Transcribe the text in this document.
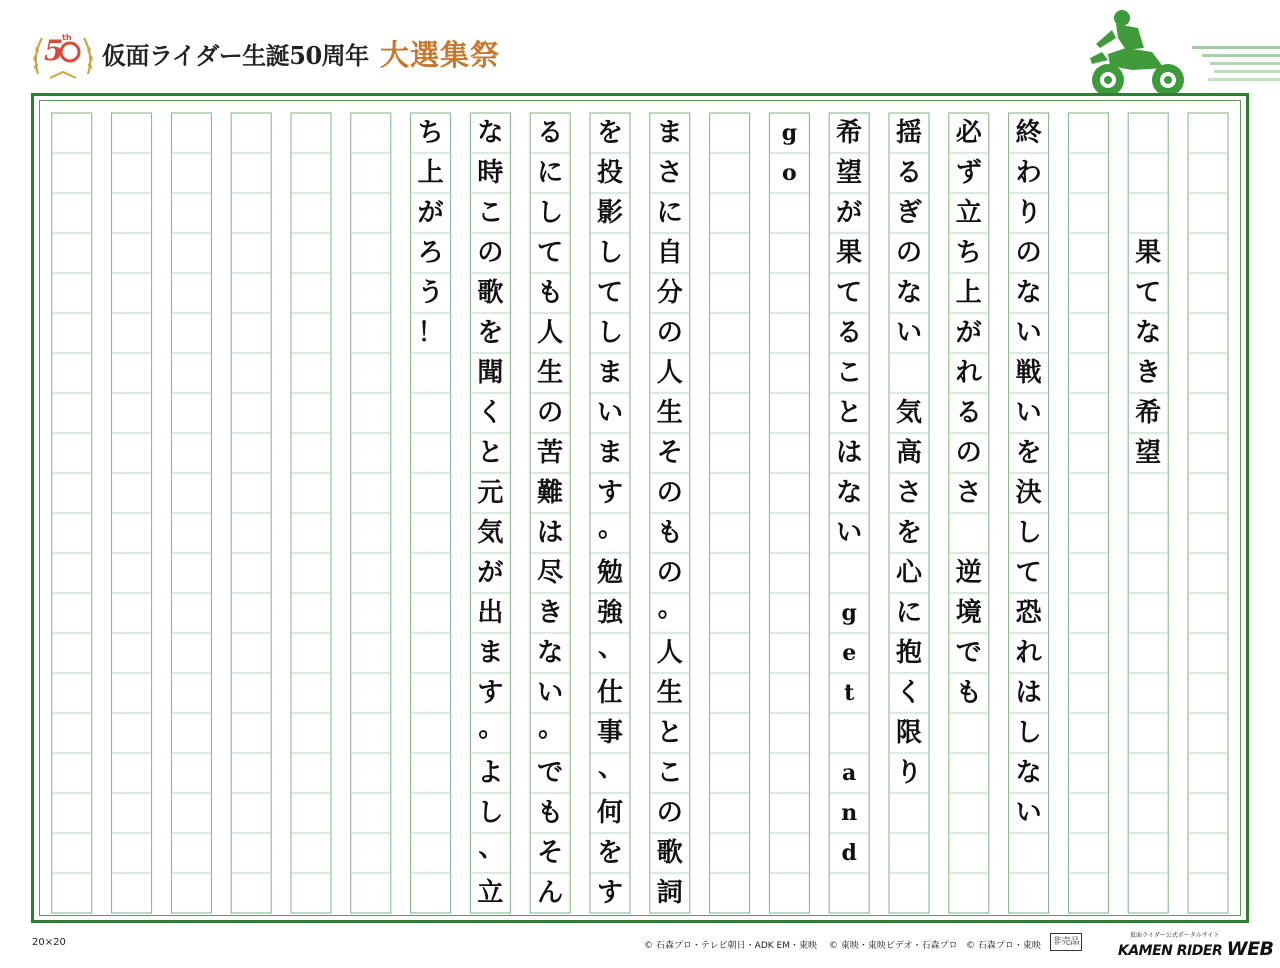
5
th
仮面ライダー生誕50周年 大選集祭
果
て
な
き
希
望
終
わ
り
の
な
い
戦
い
を
決
し
て
恐
れ
は
し
な
い
必
ず
立
ち
上
が
れ
る
の
さ
逆
境
で
も
揺
る
ぎ
の
な
い
気
高
さ
を
心
に
抱
く
限
り
希
望
が
果
て
る
こ
と
は
な
い
g
e
t
a
n
d
g
o
ま
さ
に
自
分
の
人
生
そ
の
も
の
。
人
生
と
こ
の
歌
詞
を
投
影
し
て
し
ま
い
ま
す
。
勉
強
、
仕
事
、
何
を
す
る
に
し
て
も
人
生
の
苦
難
は
尽
き
な
い
。
で
も
そ
ん
な
時
こ
の
歌
を
聞
く
と
元
気
が
出
ま
す
。
よ
し
、
立
ち
上
が
ろ
う
！
20×20	© 石森プロ・テレビ朝日・ADK EM・東映 © 東映・東映ビデオ・石森プロ © 石森プロ・東映 非売品
仮面ライダー公式ポータルサイト
KAMEN RIDER WEB
